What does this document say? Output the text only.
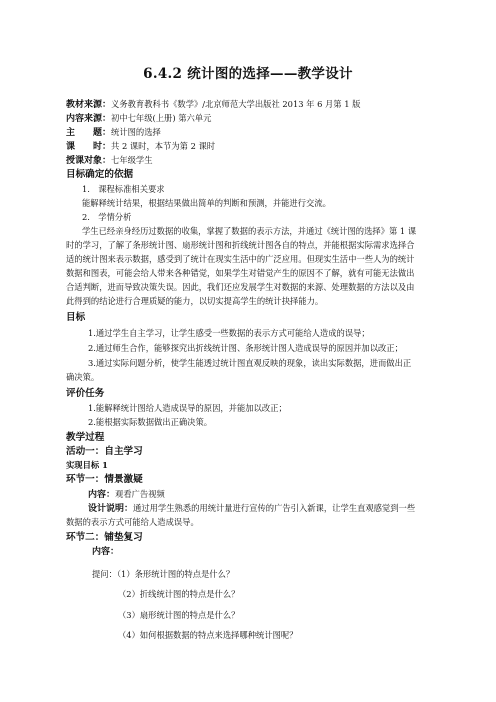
6.4.2 统计图的选择——教学设计
教材来源：义务教育教科书《数学》/北京师范大学出版社 2013 年 6 月第 1 版
内容来源：初中七年级(上册) 第六单元
主　　题：统计图的选择
课　　时：共 2 课时，本节为第 2 课时
授课对象：七年级学生
目标确定的依据
1.　课程标准相关要求
能解释统计结果，根据结果做出简单的判断和预测，并能进行交流。
2.　学情分析
学生已经亲身经历过数据的收集，掌握了数据的表示方法，并通过《统计图的选择》第 1 课
时的学习，了解了条形统计图、扇形统计图和折线统计图各自的特点，并能根据实际需求选择合
适的统计图来表示数据，感受到了统计在现实生活中的广泛应用。但现实生活中一些人为的统计
数据和图表，可能会给人带来各种错觉，如果学生对错觉产生的原因不了解，就有可能无法做出
合适判断，进而导致决策失误。因此，我们还应发展学生对数据的来源、处理数据的方法以及由
此得到的结论进行合理质疑的能力，以切实提高学生的统计抉择能力。
目标
1.通过学生自主学习，让学生感受一些数据的表示方式可能给人造成的误导；
2.通过师生合作，能够探究出折线统计图、条形统计图人造成误导的原因并加以改正；
3.通过实际问题分析，使学生能透过统计图直观反映的现象，读出实际数据，进而做出正
确决策。
评价任务
1.能解释统计图给人造成误导的原因，并能加以改正；
2.能根据实际数据做出正确决策。
教学过程
活动一：自主学习
实现目标 1
环节一：情景激疑
内容：观看广告视频
设计说明：通过用学生熟悉的用统计量进行宣传的广告引入新课，让学生直观感觉到一些
数据的表示方式可能给人造成误导。
环节二：铺垫复习
内容：
提问：（1）条形统计图的特点是什么？
（2）折线统计图的特点是什么？
（3）扇形统计图的特点是什么？
（4）如何根据数据的特点来选择哪种统计图呢？
